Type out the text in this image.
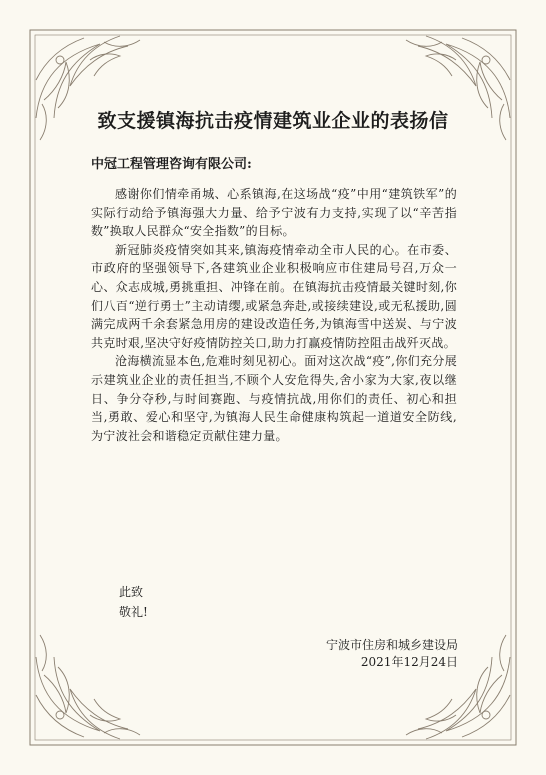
致支援镇海抗击疫情建筑业企业的表扬信
中冠工程管理咨询有限公司:

感谢你们情牵甬城、心系镇海,在这场战“疫”中用“建筑铁军”的实际行动给予镇海强大力量、给予宁波有力支持,实现了以“辛苦指数”换取人民群众“安全指数”的目标。

新冠肺炎疫情突如其来,镇海疫情牵动全市人民的心。在市委、市政府的坚强领导下,各建筑业企业积极响应市住建局号召,万众一心、众志成城,勇挑重担、冲锋在前。在镇海抗击疫情最关键时刻,你们八百“逆行勇士”主动请缨,或紧急奔赴,或接续建设,或无私援助,圆满完成两千余套紧急用房的建设改造任务,为镇海雪中送炭、与宁波共克时艰,坚决守好疫情防控关口,助力打赢疫情防控阻击战歼灭战。

沧海横流显本色,危难时刻见初心。面对这次战“疫”,你们充分展示建筑业企业的责任担当,不顾个人安危得失,舍小家为大家,夜以继日、争分夺秒,与时间赛跑、与疫情抗战,用你们的责任、初心和担当,勇敢、爱心和坚守,为镇海人民生命健康构筑起一道道安全防线,为宁波社会和谐稳定贡献住建力量。

此致
敬礼!
宁波市住房和城乡建设局
2021年12月24日
